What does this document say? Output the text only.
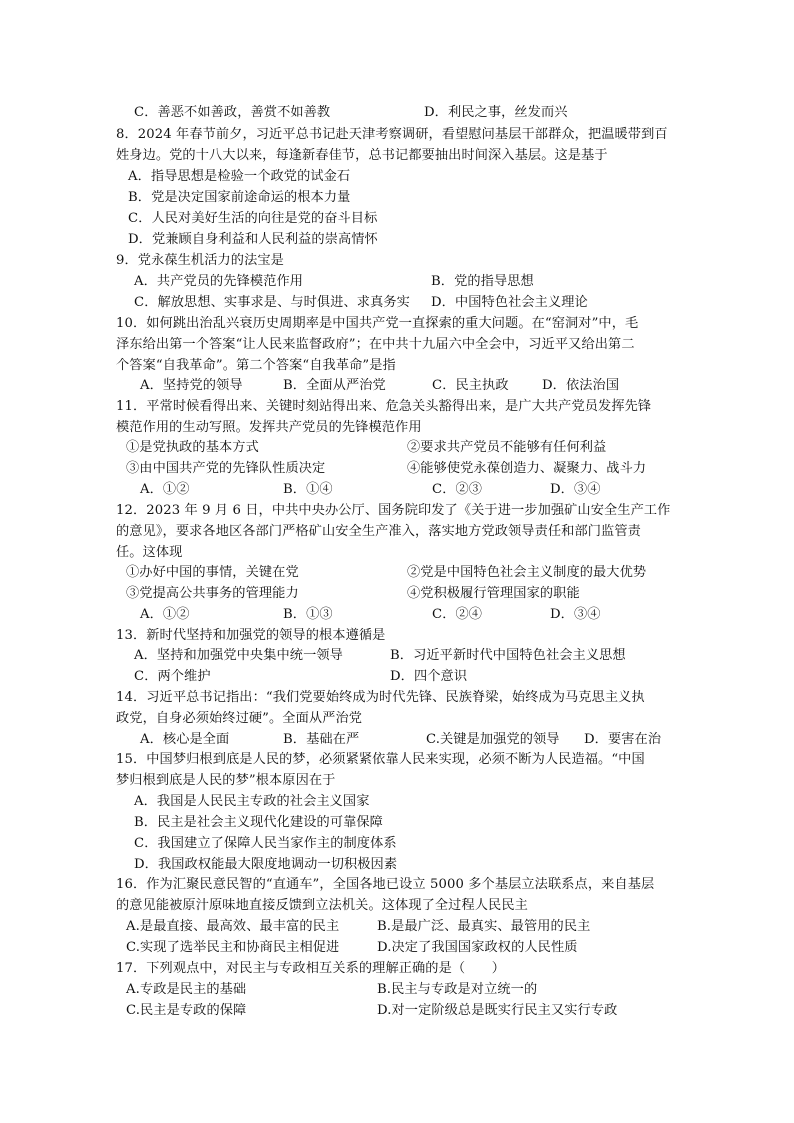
C．善恶不如善政，善赏不如善教	D．利民之事，丝发而兴
8．2024 年春节前夕，习近平总书记赴天津考察调研，看望慰问基层干部群众，把温暖带到百
姓身边。党的十八大以来，每逢新春佳节，总书记都要抽出时间深入基层。这是基于
A．指导思想是检验一个政党的试金石
B．党是决定国家前途命运的根本力量
C．人民对美好生活的向往是党的奋斗目标
D．党兼顾自身利益和人民利益的崇高情怀
9．党永葆生机活力的法宝是
A．共产党员的先锋模范作用	B．党的指导思想
C．解放思想、实事求是、与时俱进、求真务实 D．中国特色社会主义理论
10．如何跳出治乱兴衰历史周期率是中国共产党一直探索的重大问题。在“窑洞对”中，毛
泽东给出第一个答案“让人民来监督政府”；在中共十九届六中全会中，习近平又给出第二
个答案“自我革命”。第二个答案“自我革命”是指
A．坚持党的领导	B．全面从严治党	C．民主执政	D．依法治国
11．平常时候看得出来、关键时刻站得出来、危急关头豁得出来，是广大共产党员发挥先锋
模范作用的生动写照。发挥共产党员的先锋模范作用
①是党执政的基本方式	②要求共产党员不能够有任何利益
③由中国共产党的先锋队性质决定	④能够使党永葆创造力、凝聚力、战斗力
A．①②	B．①④	C．②③	D．③④
12．2023 年 9 月 6 日，中共中央办公厅、国务院印发了《关于进一步加强矿山安全生产工作
的意见》，要求各地区各部门严格矿山安全生产准入，落实地方党政领导责任和部门监管责
任。这体现
①办好中国的事情，关键在党	②党是中国特色社会主义制度的最大优势
③党提高公共事务的管理能力	④党积极履行管理国家的职能
A．①②	B．①③	C．②④	D．③④
13．新时代坚持和加强党的领导的根本遵循是
A．坚持和加强党中央集中统一领导	B．习近平新时代中国特色社会主义思想
C．两个维护	D．四个意识
14．习近平总书记指出：“我们党要始终成为时代先锋、民族脊梁，始终成为马克思主义执
政党，自身必须始终过硬”。全面从严治党
A．核心是全面	B．基础在严	C.关键是加强党的领导 D．要害在治
15．中国梦归根到底是人民的梦，必须紧紧依靠人民来实现，必须不断为人民造福。“中国
梦归根到底是人民的梦”根本原因在于
A．我国是人民民主专政的社会主义国家
B．民主是社会主义现代化建设的可靠保障
C．我国建立了保障人民当家作主的制度体系
D．我国政权能最大限度地调动一切积极因素
16．作为汇聚民意民智的“直通车”，全国各地已设立 5000 多个基层立法联系点，来自基层
的意见能被原汁原味地直接反馈到立法机关。这体现了全过程人民民主
A.是最直接、最高效、最丰富的民主	B.是最广泛、最真实、最管用的民主
C.实现了选举民主和协商民主相促进	D.决定了我国国家政权的人民性质
17．下列观点中，对民主与专政相互关系的理解正确的是（　　）
A.专政是民主的基础	B.民主与专政是对立统一的
C.民主是专政的保障	D.对一定阶级总是既实行民主又实行专政
